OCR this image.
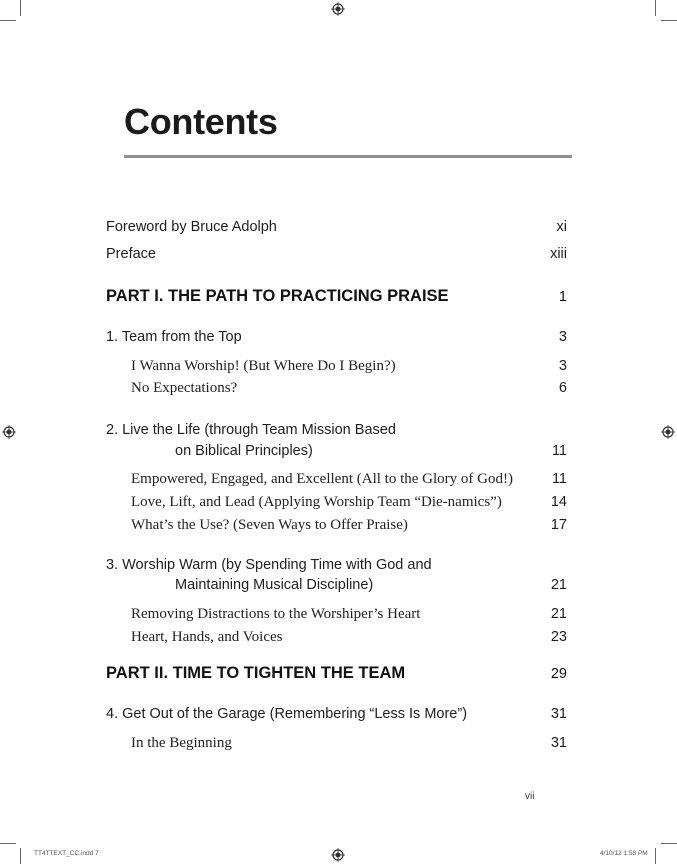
Contents
Foreword by Bruce Adolph	xi
Preface	xiii
PART I. THE PATH TO PRACTICING PRAISE	1
1. Team from the Top	3
I Wanna Worship! (But Where Do I Begin?)	3
No Expectations?	6
2. Live the Life (through Team Mission Based
on Biblical Principles)	11
Empowered, Engaged, and Excellent (All to the Glory of God!)	11
Love, Lift, and Lead (Applying Worship Team “Die-namics”)	14
What’s the Use? (Seven Ways to Offer Praise)	17
3. Worship Warm (by Spending Time with God and
Maintaining Musical Discipline)	21
Removing Distractions to the Worshiper’s Heart	21
Heart, Hands, and Voices	23
PART II. TIME TO TIGHTEN THE TEAM	29
4. Get Out of the Garage (Remembering “Less Is More”)	31
In the Beginning	31
vii
TT4TTEXT_CC.indd 7	4/10/12 1:58 PM
